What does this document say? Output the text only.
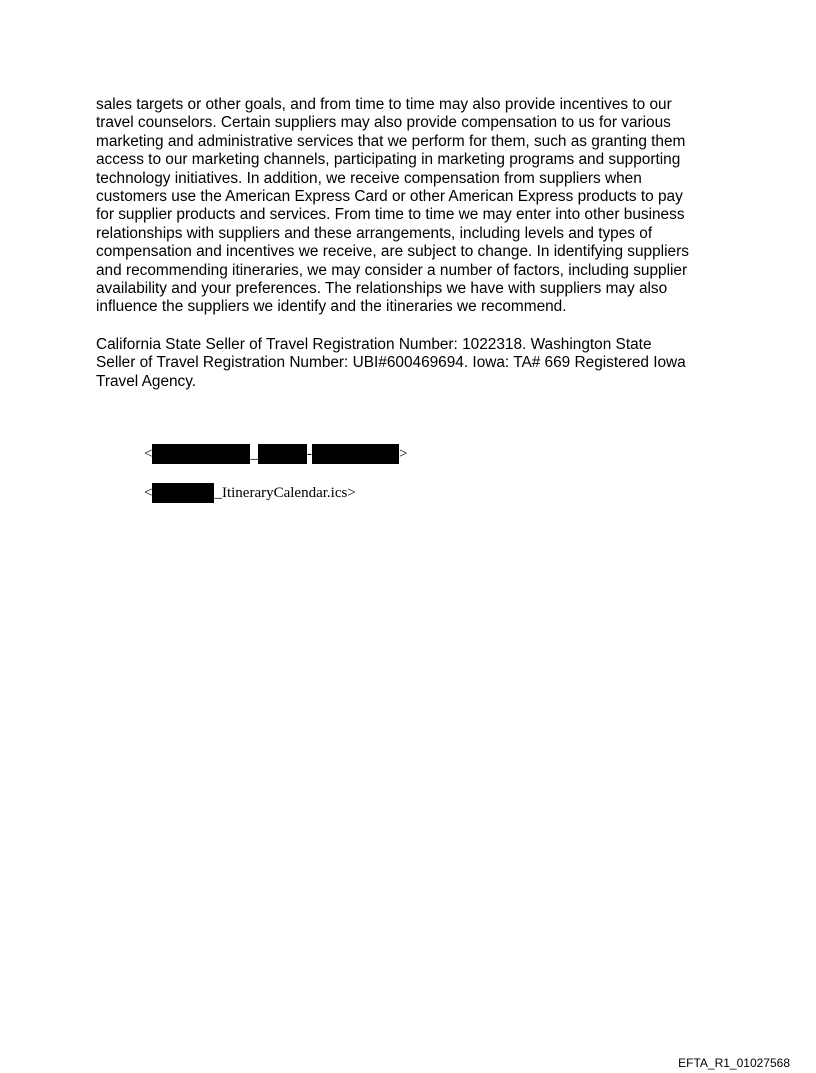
sales targets or other goals, and from time to time may also provide incentives to our
travel counselors. Certain suppliers may also provide compensation to us for various
marketing and administrative services that we perform for them, such as granting them
access to our marketing channels, participating in marketing programs and supporting
technology initiatives. In addition, we receive compensation from suppliers when
customers use the American Express Card or other American Express products to pay
for supplier products and services. From time to time we may enter into other business
relationships with suppliers and these arrangements, including levels and types of
compensation and incentives we receive, are subject to change. In identifying suppliers
and recommending itineraries, we may consider a number of factors, including supplier
availability and your preferences. The relationships we have with suppliers may also
influence the suppliers we identify and the itineraries we recommend.
California State Seller of Travel Registration Number: 1022318. Washington State
Seller of Travel Registration Number: UBI#600469694. Iowa: TA# 669 Registered Iowa
Travel Agency.
<	_	-	>
<	_ItineraryCalendar.ics>
EFTA_R1_01027568
